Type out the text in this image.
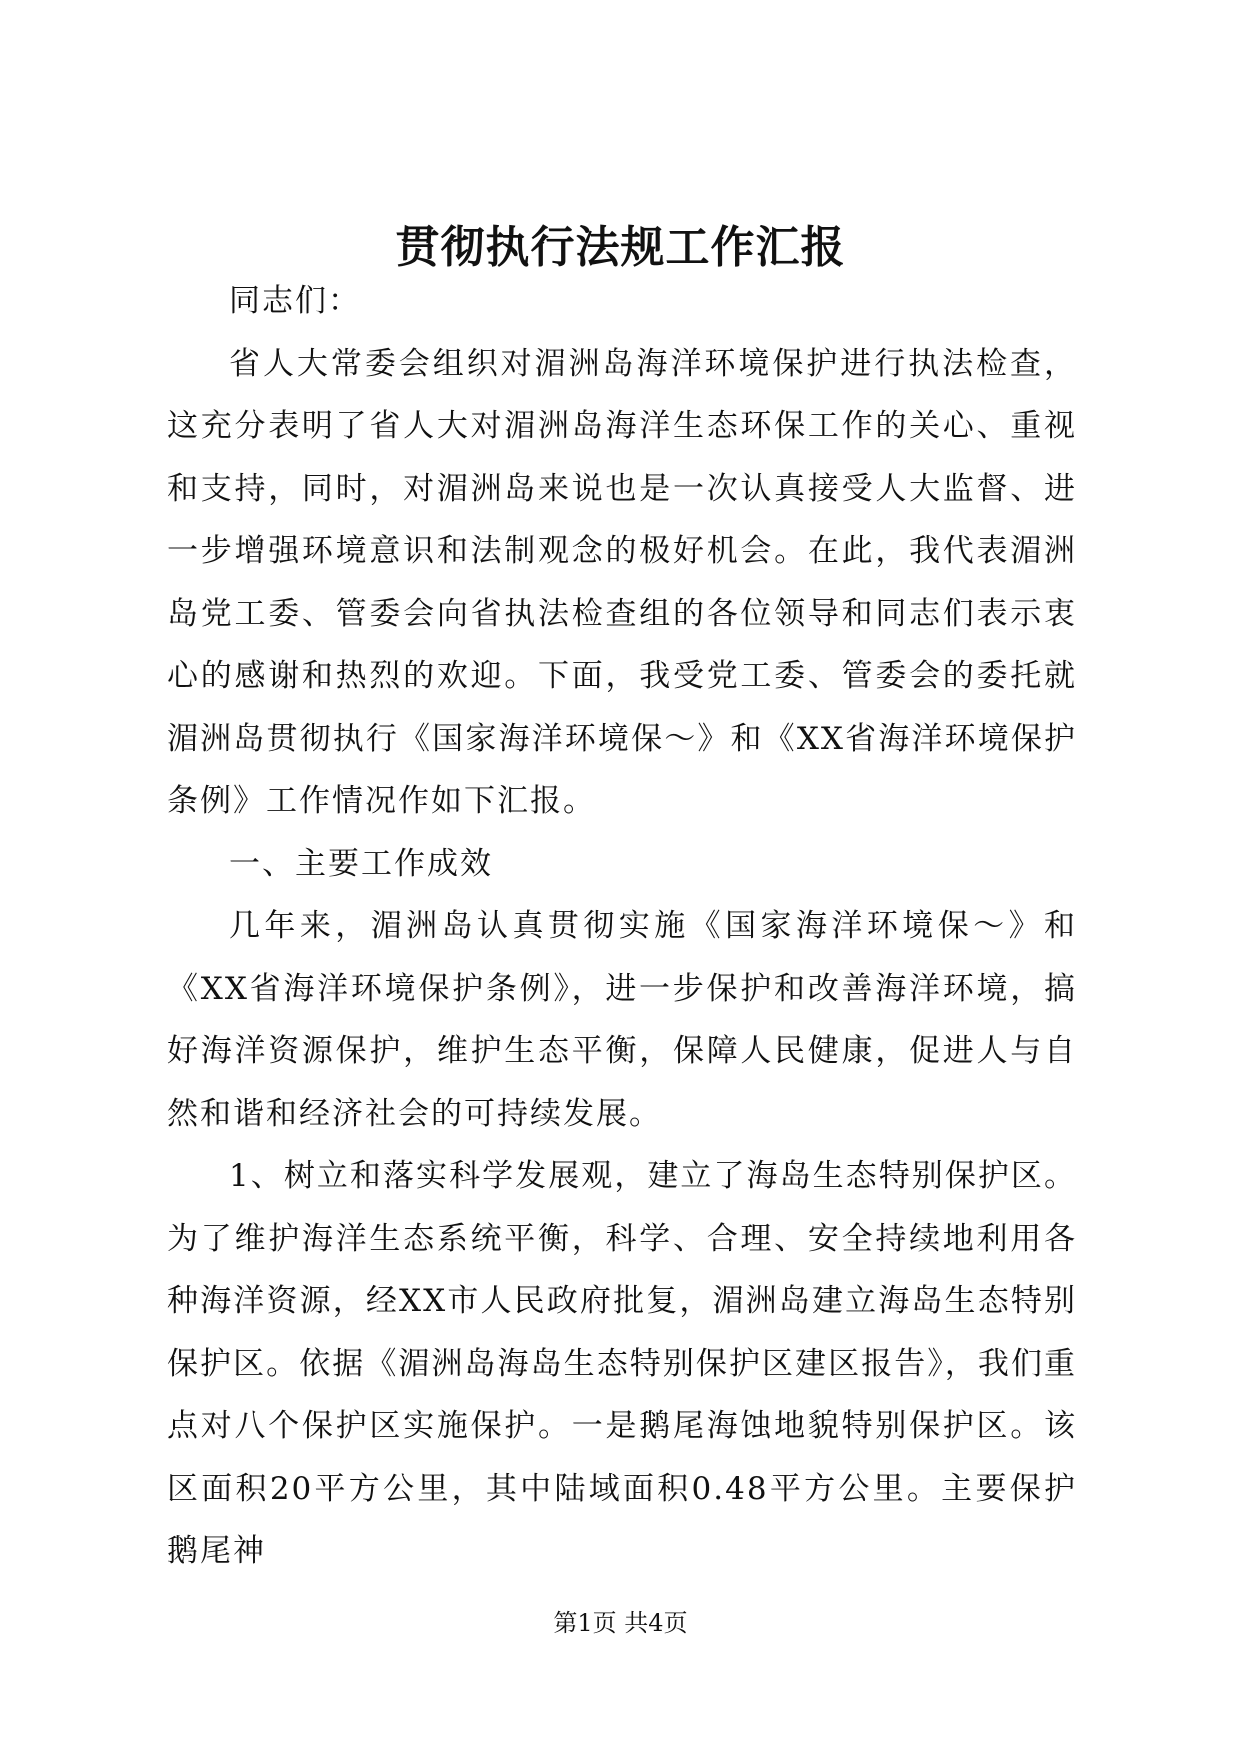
贯彻执行法规工作汇报

同志们：

省人大常委会组织对湄洲岛海洋环境保护进行执法检查，这充分表明了省人大对湄洲岛海洋生态环保工作的关心、重视和支持，同时，对湄洲岛来说也是一次认真接受人大监督、进一步增强环境意识和法制观念的极好机会。在此，我代表湄洲岛党工委、管委会向省执法检查组的各位领导和同志们表示衷心的感谢和热烈的欢迎。下面，我受党工委、管委会的委托就湄洲岛贯彻执行《国家海洋环境保～》和《XX省海洋环境保护条例》工作情况作如下汇报。

一、主要工作成效

几年来，湄洲岛认真贯彻实施《国家海洋环境保～》和《XX省海洋环境保护条例》，进一步保护和改善海洋环境，搞好海洋资源保护，维护生态平衡，保障人民健康，促进人与自然和谐和经济社会的可持续发展。

1、树立和落实科学发展观，建立了海岛生态特别保护区。为了维护海洋生态系统平衡，科学、合理、安全持续地利用各种海洋资源，经XX市人民政府批复，湄洲岛建立海岛生态特别保护区。依据《湄洲岛海岛生态特别保护区建区报告》，我们重点对八个保护区实施保护。一是鹅尾海蚀地貌特别保护区。该区面积20平方公里，其中陆域面积0.48平方公里。主要保护鹅尾神

第1页 共4页
